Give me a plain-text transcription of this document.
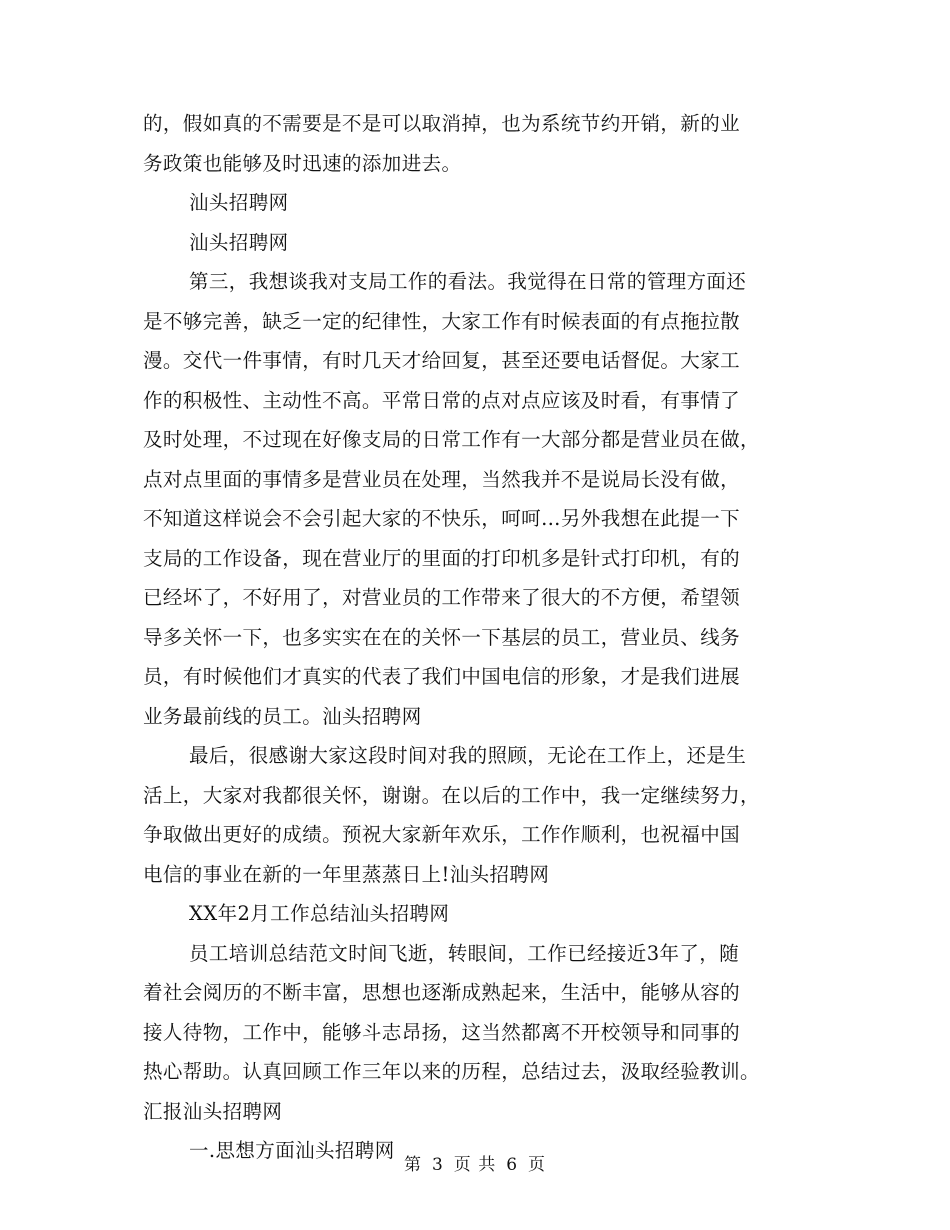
的，假如真的不需要是不是可以取消掉，也为系统节约开销，新的业
务政策也能够及时迅速的添加进去。
汕头招聘网
汕头招聘网
第三，我想谈我对支局工作的看法。我觉得在日常的管理方面还
是不够完善，缺乏一定的纪律性，大家工作有时候表面的有点拖拉散
漫。交代一件事情，有时几天才给回复，甚至还要电话督促。大家工
作的积极性、主动性不高。平常日常的点对点应该及时看，有事情了
及时处理，不过现在好像支局的日常工作有一大部分都是营业员在做，
点对点里面的事情多是营业员在处理，当然我并不是说局长没有做，
不知道这样说会不会引起大家的不快乐，呵呵…另外我想在此提一下
支局的工作设备，现在营业厅的里面的打印机多是针式打印机，有的
已经坏了，不好用了，对营业员的工作带来了很大的不方便，希望领
导多关怀一下，也多实实在在的关怀一下基层的员工，营业员、线务
员，有时候他们才真实的代表了我们中国电信的形象，才是我们进展
业务最前线的员工。汕头招聘网
最后，很感谢大家这段时间对我的照顾，无论在工作上，还是生
活上，大家对我都很关怀，谢谢。在以后的工作中，我一定继续努力，
争取做出更好的成绩。预祝大家新年欢乐，工作作顺利，也祝福中国
电信的事业在新的一年里蒸蒸日上!汕头招聘网
XX年2月工作总结汕头招聘网
员工培训总结范文时间飞逝，转眼间，工作已经接近3年了，随
着社会阅历的不断丰富，思想也逐渐成熟起来，生活中，能够从容的
接人待物，工作中，能够斗志昂扬，这当然都离不开校领导和同事的
热心帮助。认真回顾工作三年以来的历程，总结过去，汲取经验教训。
汇报汕头招聘网
一.思想方面汕头招聘网
第 3 页 共 6 页
